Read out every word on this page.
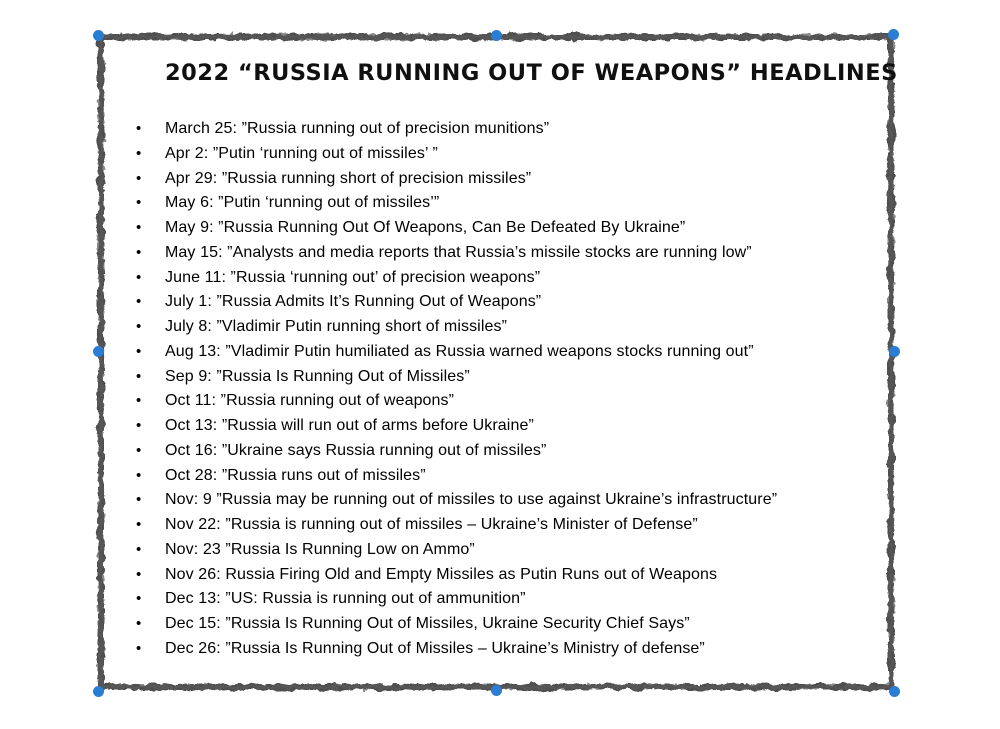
2022 “RUSSIA RUNNING OUT OF WEAPONS” HEADLINES
• March 25: ”Russia running out of precision munitions”
• Apr 2: ”Putin ‘running out of missiles’ ”
• Apr 29: ”Russia running short of precision missiles”
• May 6: ”Putin ‘running out of missiles’”
• May 9: ”Russia Running Out Of Weapons, Can Be Defeated By Ukraine”
• May 15: ”Analysts and media reports that Russia’s missile stocks are running low”
• June 11: ”Russia ‘running out’ of precision weapons”
• July 1: ”Russia Admits It’s Running Out of Weapons”
• July 8: ”Vladimir Putin running short of missiles”
• Aug 13: ”Vladimir Putin humiliated as Russia warned weapons stocks running out”
• Sep 9: ”Russia Is Running Out of Missiles”
• Oct 11: ”Russia running out of weapons”
• Oct 13: ”Russia will run out of arms before Ukraine”
• Oct 16: ”Ukraine says Russia running out of missiles”
• Oct 28: ”Russia runs out of missiles”
• Nov: 9 ”Russia may be running out of missiles to use against Ukraine’s infrastructure”
• Nov 22: ”Russia is running out of missiles – Ukraine’s Minister of Defense”
• Nov: 23 ”Russia Is Running Low on Ammo”
• Nov 26: Russia Firing Old and Empty Missiles as Putin Runs out of Weapons
• Dec 13: ”US: Russia is running out of ammunition”
• Dec 15: ”Russia Is Running Out of Missiles, Ukraine Security Chief Says”
• Dec 26: ”Russia Is Running Out of Missiles – Ukraine’s Ministry of defense”
